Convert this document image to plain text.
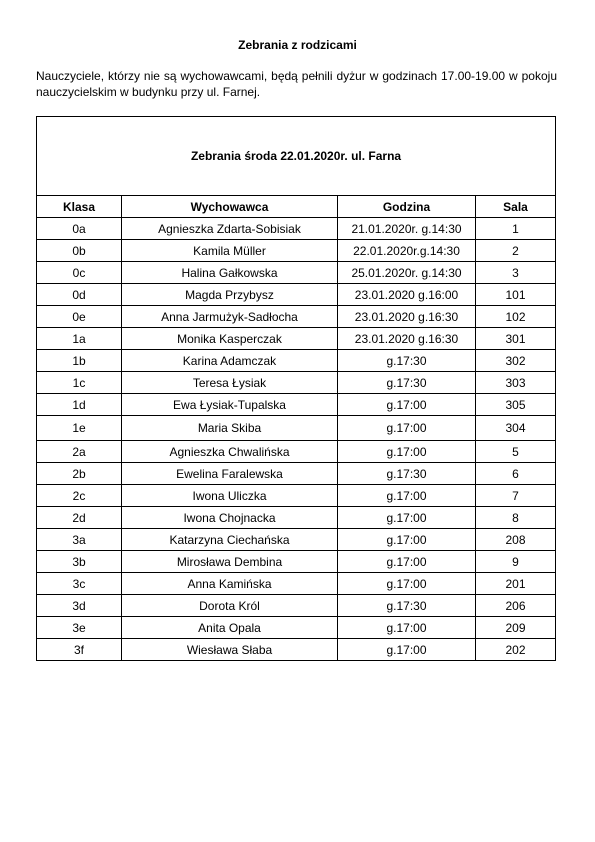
Zebrania z rodzicami
Nauczyciele, którzy nie są wychowawcami, będą pełnili dyżur w godzinach 17.00-19.00 w pokoju nauczycielskim w budynku przy ul. Farnej.
Zebrania środa 22.01.2020r. ul. Farna			
Klasa	Wychowawca	Godzina	Sala
0a	Agnieszka Zdarta-Sobisiak	21.01.2020r. g.14:30	1
0b	Kamila Müller	22.01.2020r.g.14:30	2
0c	Halina Gałkowska	25.01.2020r. g.14:30	3
0d	Magda Przybysz	23.01.2020 g.16:00	101
0e	Anna Jarmużyk-Sadłocha	23.01.2020 g.16:30	102
1a	Monika Kasperczak	23.01.2020 g.16:30	301
1b	Karina Adamczak	g.17:30	302
1c	Teresa Łysiak	g.17:30	303
1d	Ewa Łysiak-Tupalska	g.17:00	305
1e	Maria Skiba	g.17:00	304
2a	Agnieszka Chwalińska	g.17:00	5
2b	Ewelina Faralewska	g.17:30	6
2c	Iwona Uliczka	g.17:00	7
2d	Iwona Chojnacka	g.17:00	8
3a	Katarzyna Ciechańska	g.17:00	208
3b	Mirosława Dembina	g.17:00	9
3c	Anna Kamińska	g.17:00	201
3d	Dorota Król	g.17:30	206
3e	Anita Opala	g.17:00	209
3f	Wiesława Słaba	g.17:00	202
